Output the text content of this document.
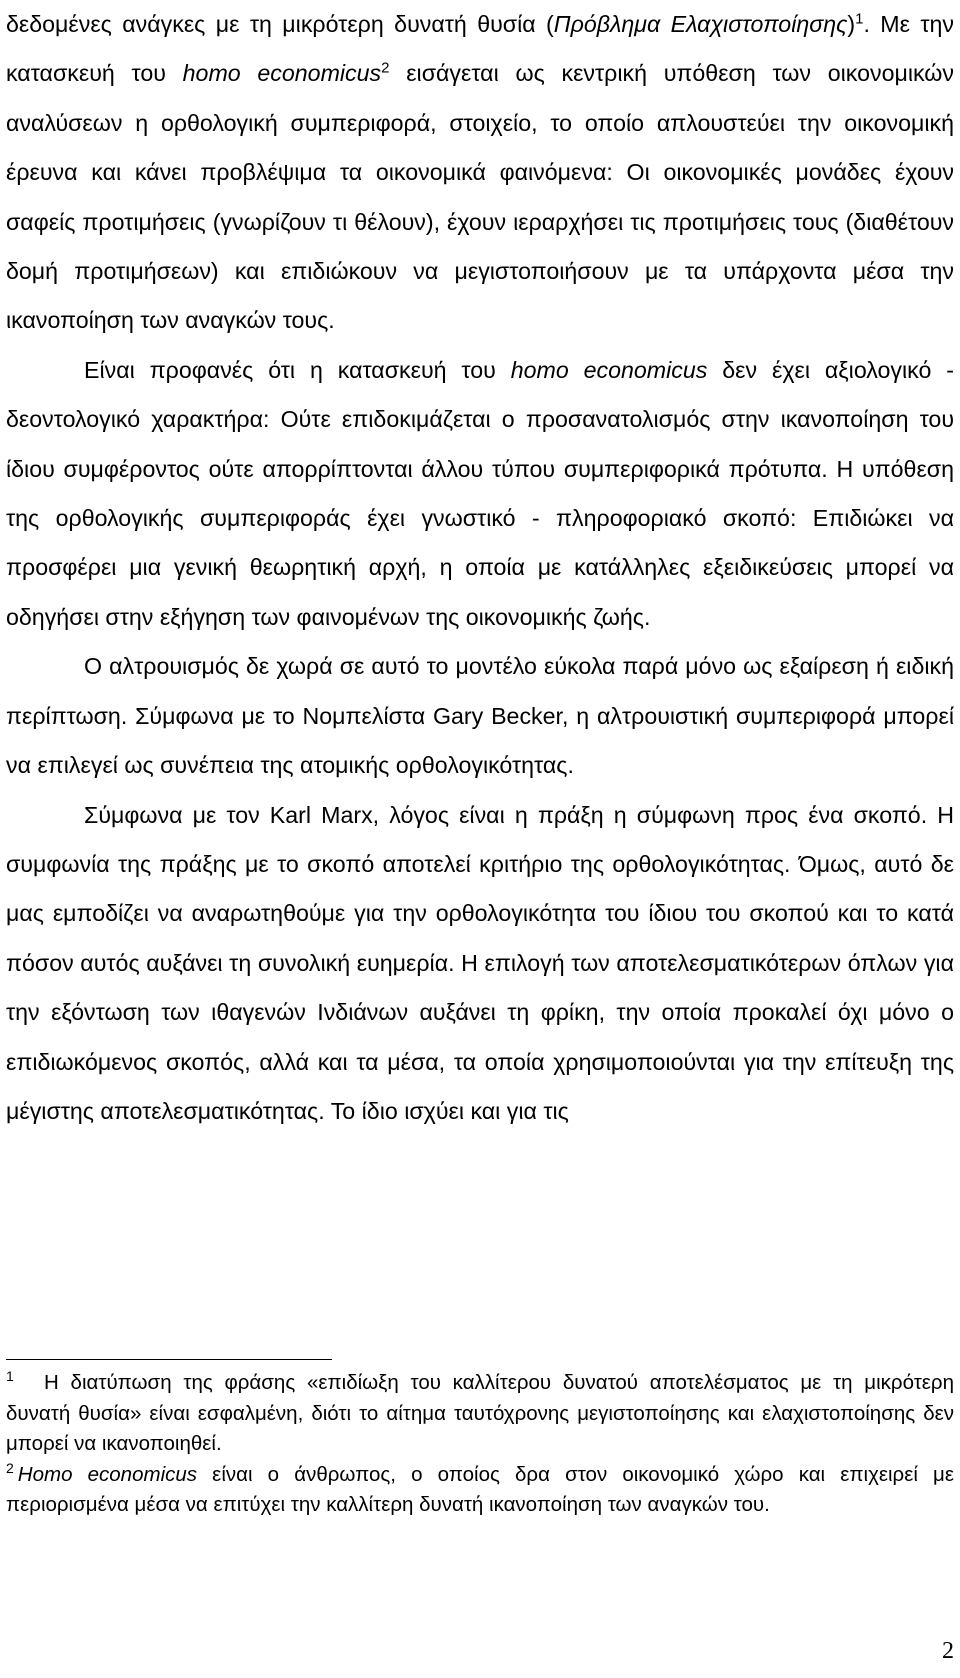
δεδομένες ανάγκες με τη μικρότερη δυνατή θυσία (Πρόβλημα Ελαχιστοποίησης)$^1$. Με την κατασκευή του homo economicus$^2$ εισάγεται ως κεντρική υπόθεση των οικονομικών αναλύσεων η ορθολογική συμπεριφορά, στοιχείο, το οποίο απλουστεύει την οικονομική έρευνα και κάνει προβλέψιμα τα οικονομικά φαινόμενα: Οι οικονομικές μονάδες έχουν σαφείς προτιμήσεις (γνωρίζουν τι θέλουν), έχουν ιεραρχήσει τις προτιμήσεις τους (διαθέτουν δομή προτιμήσεων) και επιδιώκουν να μεγιστοποιήσουν με τα υπάρχοντα μέσα την ικανοποίηση των αναγκών τους.

Είναι προφανές ότι η κατασκευή του homo economicus δεν έχει αξιολογικό - δεοντολογικό χαρακτήρα: Ούτε επιδοκιμάζεται ο προσανατολισμός στην ικανοποίηση του ίδιου συμφέροντος ούτε απορρίπτονται άλλου τύπου συμπεριφορικά πρότυπα. Η υπόθεση της ορθολογικής συμπεριφοράς έχει γνωστικό - πληροφοριακό σκοπό: Επιδιώκει να προσφέρει μια γενική θεωρητική αρχή, η οποία με κατάλληλες εξειδικεύσεις μπορεί να οδηγήσει στην εξήγηση των φαινομένων της οικονομικής ζωής.

Ο αλτρουισμός δε χωρά σε αυτό το μοντέλο εύκολα παρά μόνο ως εξαίρεση ή ειδική περίπτωση. Σύμφωνα με το Νομπελίστα Gary Becker, η αλτρουιστική συμπεριφορά μπορεί να επιλεγεί ως συνέπεια της ατομικής ορθολογικότητας.

Σύμφωνα με τον Karl Marx, λόγος είναι η πράξη η σύμφωνη προς ένα σκοπό. Η συμφωνία της πράξης με το σκοπό αποτελεί κριτήριο της ορθολογικότητας. Όμως, αυτό δε μας εμποδίζει να αναρωτηθούμε για την ορθολογικότητα του ίδιου του σκοπού και το κατά πόσον αυτός αυξάνει τη συνολική ευημερία. Η επιλογή των αποτελεσματικότερων όπλων για την εξόντωση των ιθαγενών Ινδιάνων αυξάνει τη φρίκη, την οποία προκαλεί όχι μόνο ο επιδιωκόμενος σκοπός, αλλά και τα μέσα, τα οποία χρησιμοποιούνται για την επίτευξη της μέγιστης αποτελεσματικότητας. Το ίδιο ισχύει και για τις

1 Η διατύπωση της φράσης «επιδίωξη του καλλίτερου δυνατού αποτελέσματος με τη μικρότερη δυνατή θυσία» είναι εσφαλμένη, διότι το αίτημα ταυτόχρονης μεγιστοποίησης και ελαχιστοποίησης δεν μπορεί να ικανοποιηθεί.

$^2$ Homo economicus είναι ο άνθρωπος, ο οποίος δρα στον οικονομικό χώρο και επιχειρεί με περιορισμένα μέσα να επιτύχει την καλλίτερη δυνατή ικανοποίηση των αναγκών του.

2
